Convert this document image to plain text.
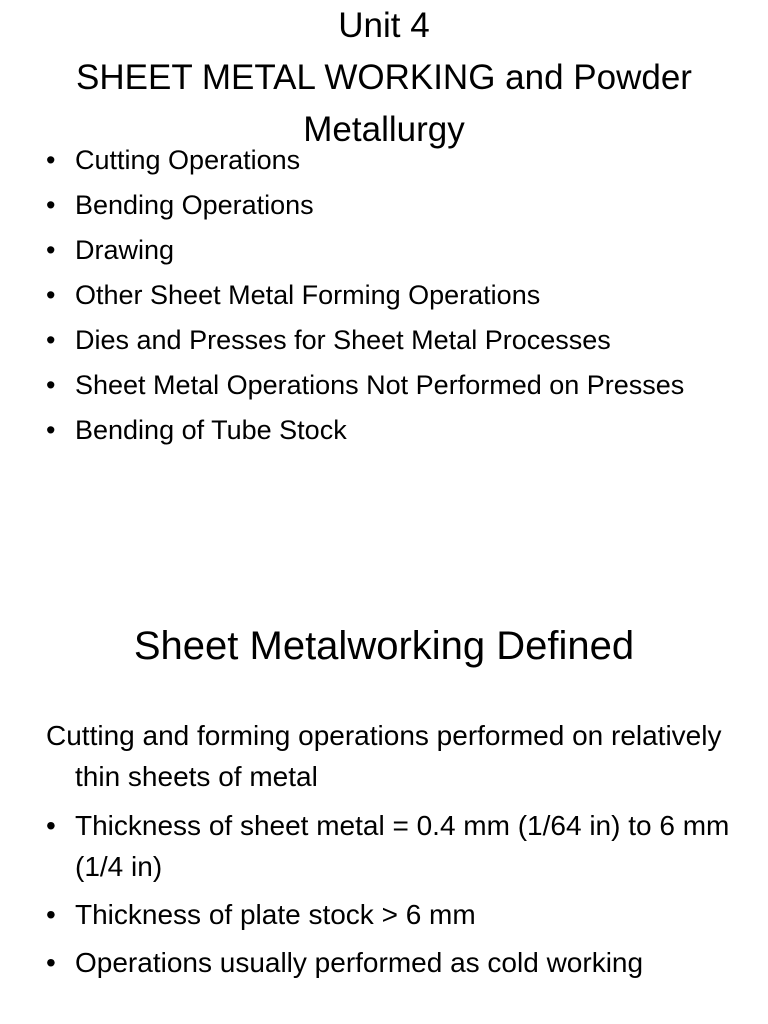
Unit 4
SHEET METAL WORKING and Powder Metallurgy
• Cutting Operations
• Bending Operations
• Drawing
• Other Sheet Metal Forming Operations
• Dies and Presses for Sheet Metal Processes
• Sheet Metal Operations Not Performed on Presses
• Bending of Tube Stock
Sheet Metalworking Defined
Cutting and forming operations performed on relatively thin sheets of metal
• Thickness of sheet metal = 0.4 mm (1/64 in) to 6 mm (1/4 in)
• Thickness of plate stock > 6 mm
• Operations usually performed as cold working
